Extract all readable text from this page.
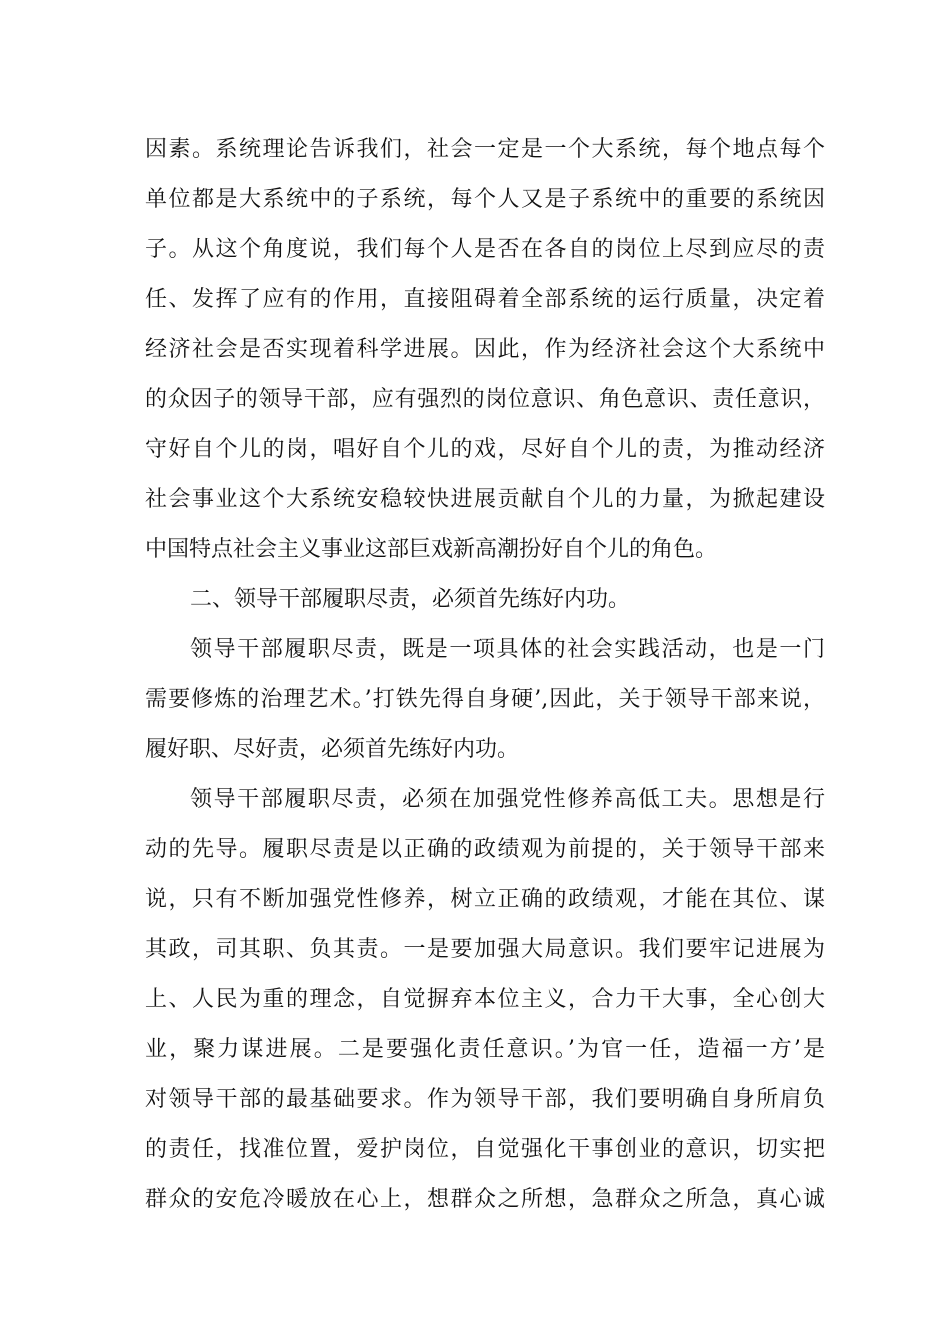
因素。系统理论告诉我们，社会一定是一个大系统，每个地点每个
单位都是大系统中的子系统，每个人又是子系统中的重要的系统因
子。从这个角度说，我们每个人是否在各自的岗位上尽到应尽的责
任、发挥了应有的作用，直接阻碍着全部系统的运行质量，决定着
经济社会是否实现着科学进展。因此，作为经济社会这个大系统中
的众因子的领导干部，应有强烈的岗位意识、角色意识、责任意识，
守好自个儿的岗，唱好自个儿的戏，尽好自个儿的责，为推动经济
社会事业这个大系统安稳较快进展贡献自个儿的力量，为掀起建设
中国特点社会主义事业这部巨戏新高潮扮好自个儿的角色。
二、领导干部履职尽责，必须首先练好内功。
领导干部履职尽责，既是一项具体的社会实践活动，也是一门
需要修炼的治理艺术。’打铁先得自身硬’,因此，关于领导干部来说，
履好职、尽好责，必须首先练好内功。
领导干部履职尽责，必须在加强党性修养高低工夫。思想是行
动的先导。履职尽责是以正确的政绩观为前提的，关于领导干部来
说，只有不断加强党性修养，树立正确的政绩观，才能在其位、谋
其政，司其职、负其责。一是要加强大局意识。我们要牢记进展为
上、人民为重的理念，自觉摒弃本位主义，合力干大事，全心创大
业，聚力谋进展。二是要强化责任意识。’为官一任，造福一方’是
对领导干部的最基础要求。作为领导干部，我们要明确自身所肩负
的责任，找准位置，爱护岗位，自觉强化干事创业的意识，切实把
群众的安危冷暖放在心上，想群众之所想，急群众之所急，真心诚
